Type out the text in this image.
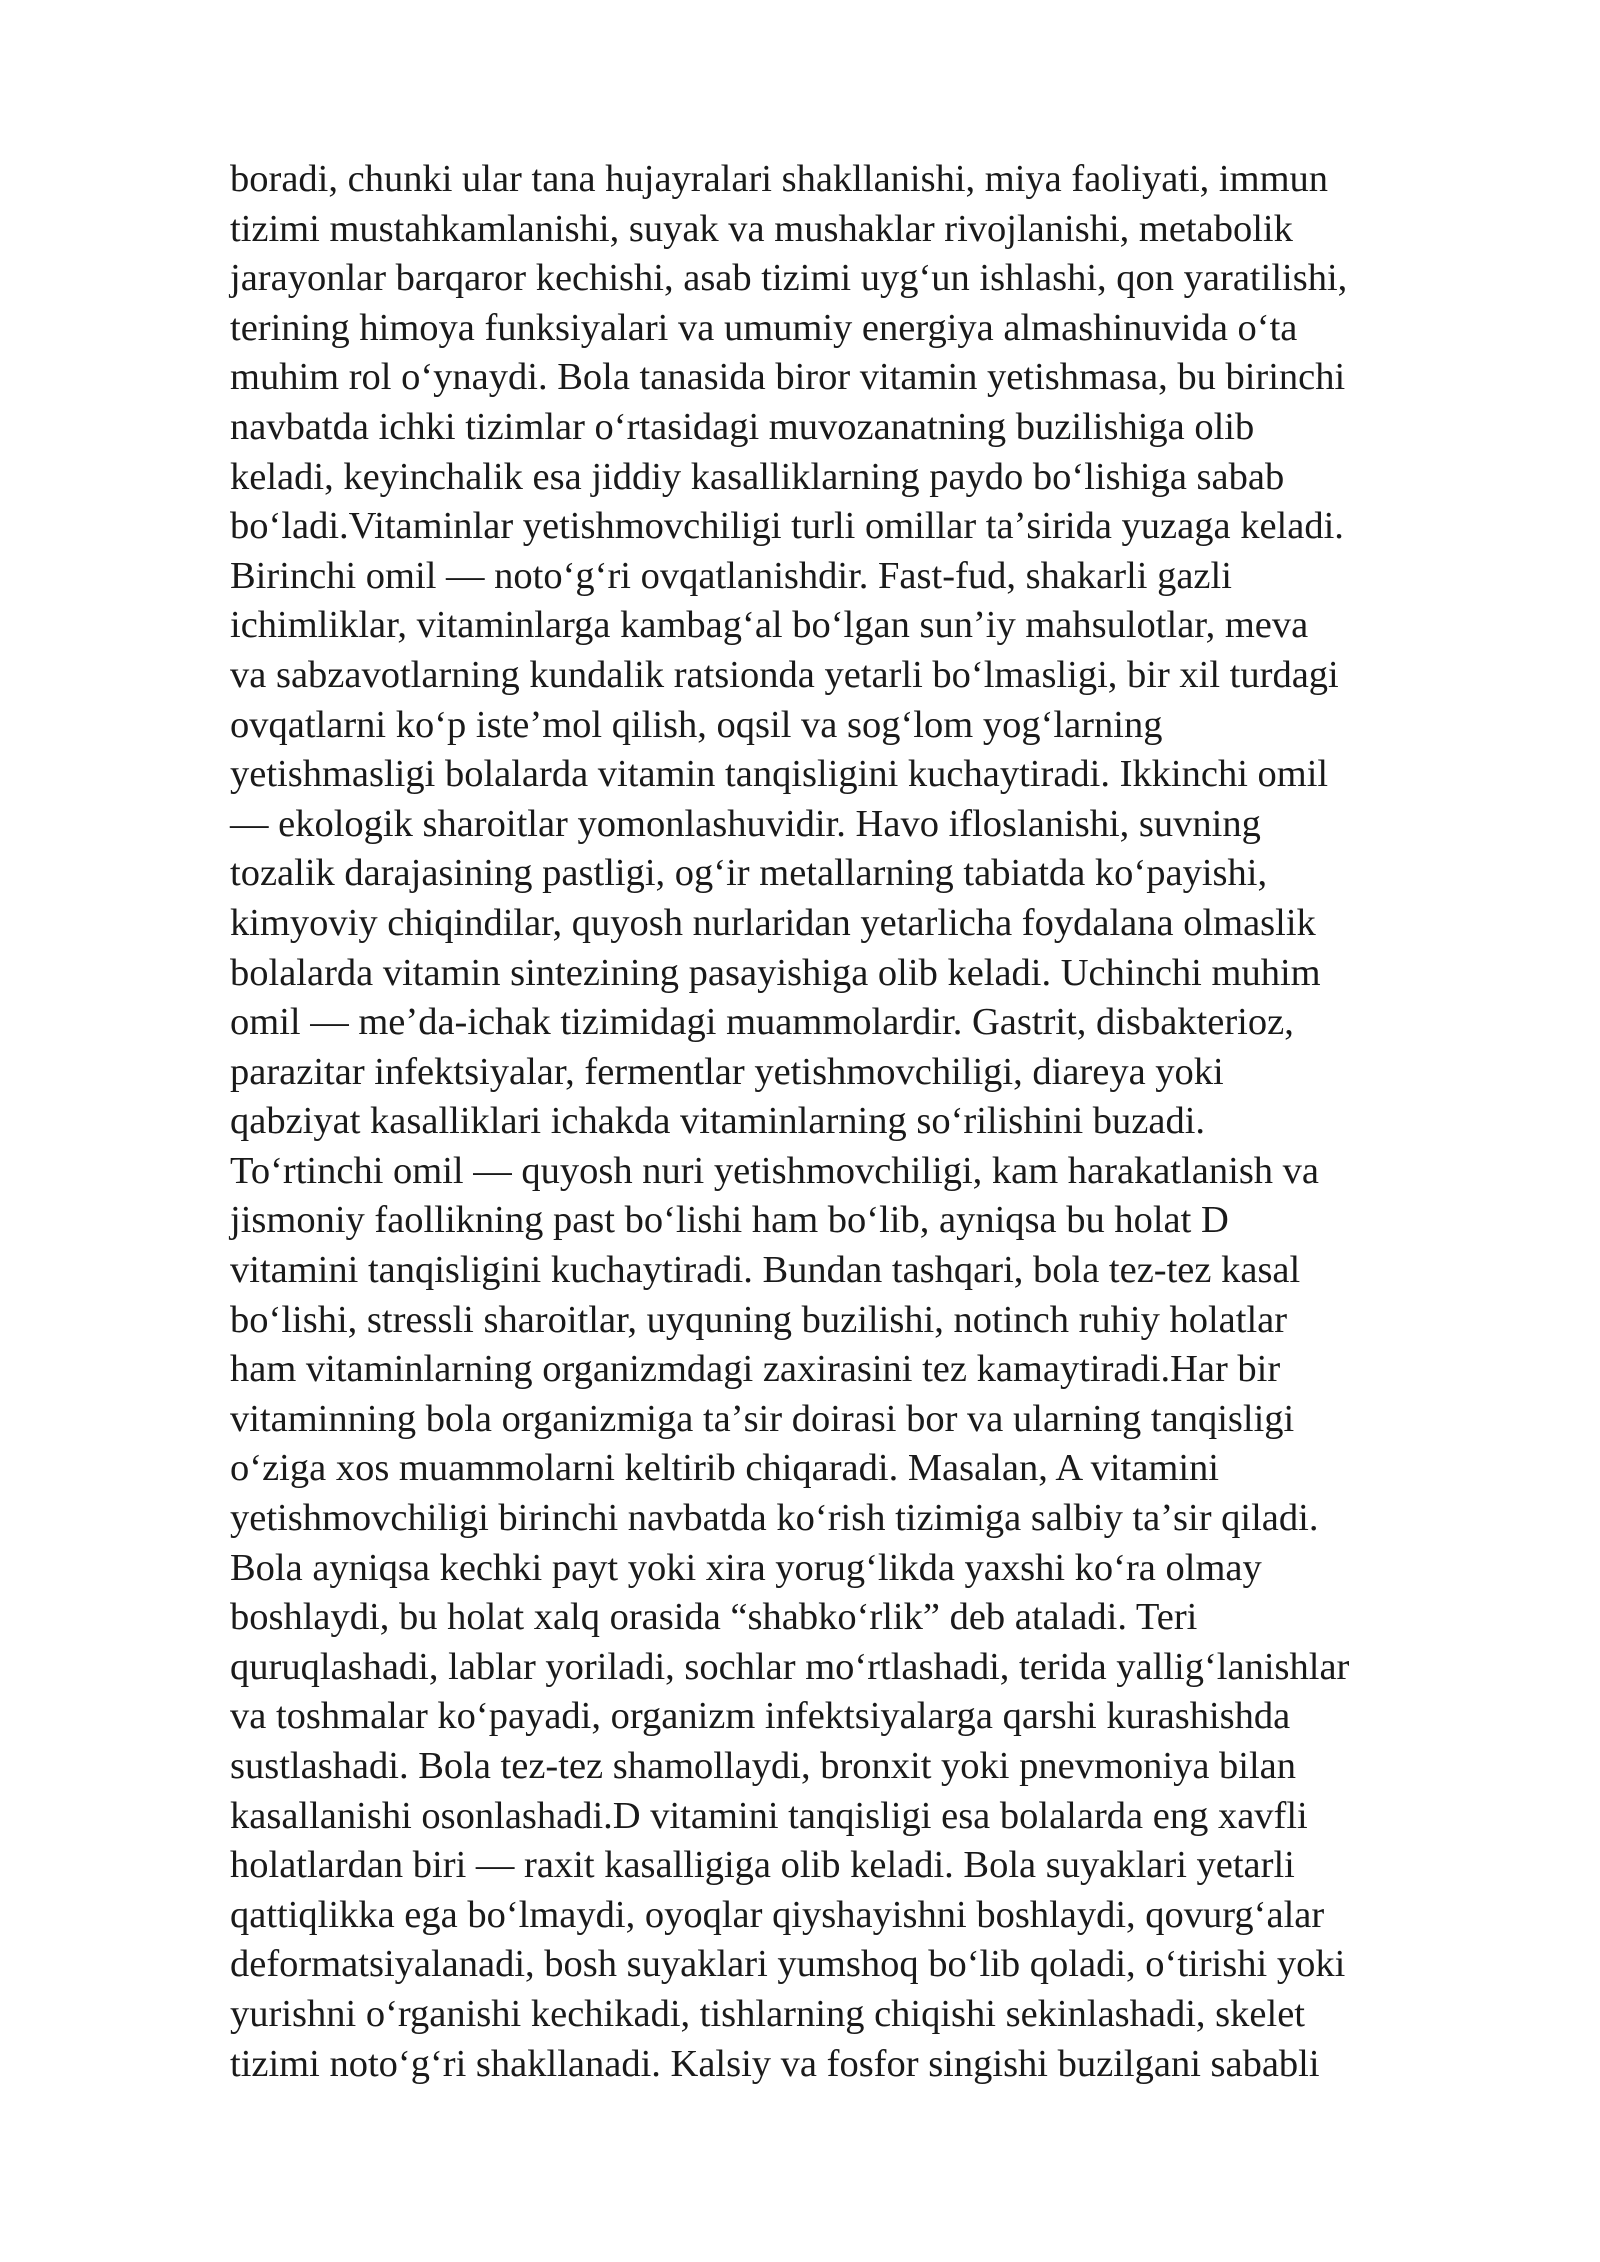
boradi, chunki ular tana hujayralari shakllanishi, miya faoliyati, immun
tizimi mustahkamlanishi, suyak va mushaklar rivojlanishi, metabolik
jarayonlar barqaror kechishi, asab tizimi uygʻun ishlashi, qon yaratilishi,
terining himoya funksiyalari va umumiy energiya almashinuvida oʻta
muhim rol oʻynaydi. Bola tanasida biror vitamin yetishmasa, bu birinchi
navbatda ichki tizimlar oʻrtasidagi muvozanatning buzilishiga olib
keladi, keyinchalik esa jiddiy kasalliklarning paydo boʻlishiga sabab
boʻladi.Vitaminlar yetishmovchiligi turli omillar taʼsirida yuzaga keladi.
Birinchi omil — notoʻgʻri ovqatlanishdir. Fast-fud, shakarli gazli
ichimliklar, vitaminlarga kambagʻal boʻlgan sunʼiy mahsulotlar, meva
va sabzavotlarning kundalik ratsionda yetarli boʻlmasligi, bir xil turdagi
ovqatlarni koʻp isteʼmol qilish, oqsil va sogʻlom yogʻlarning
yetishmasligi bolalarda vitamin tanqisligini kuchaytiradi. Ikkinchi omil
— ekologik sharoitlar yomonlashuvidir. Havo ifloslanishi, suvning
tozalik darajasining pastligi, ogʻir metallarning tabiatda koʻpayishi,
kimyoviy chiqindilar, quyosh nurlaridan yetarlicha foydalana olmaslik
bolalarda vitamin sintezining pasayishiga olib keladi. Uchinchi muhim
omil — meʼda-ichak tizimidagi muammolardir. Gastrit, disbakterioz,
parazitar infektsiyalar, fermentlar yetishmovchiligi, diareya yoki
qabziyat kasalliklari ichakda vitaminlarning soʻrilishini buzadi.
Toʻrtinchi omil — quyosh nuri yetishmovchiligi, kam harakatlanish va
jismoniy faollikning past boʻlishi ham boʻlib, ayniqsa bu holat D
vitamini tanqisligini kuchaytiradi. Bundan tashqari, bola tez-tez kasal
boʻlishi, stressli sharoitlar, uyquning buzilishi, notinch ruhiy holatlar
ham vitaminlarning organizmdagi zaxirasini tez kamaytiradi.Har bir
vitaminning bola organizmiga taʼsir doirasi bor va ularning tanqisligi
oʻziga xos muammolarni keltirib chiqaradi. Masalan, A vitamini
yetishmovchiligi birinchi navbatda koʻrish tizimiga salbiy taʼsir qiladi.
Bola ayniqsa kechki payt yoki xira yorugʻlikda yaxshi koʻra olmay
boshlaydi, bu holat xalq orasida “shabkoʻrlik” deb ataladi. Teri
quruqlashadi, lablar yoriladi, sochlar moʻrtlashadi, terida yalligʻlanishlar
va toshmalar koʻpayadi, organizm infektsiyalarga qarshi kurashishda
sustlashadi. Bola tez-tez shamollaydi, bronxit yoki pnevmoniya bilan
kasallanishi osonlashadi.D vitamini tanqisligi esa bolalarda eng xavfli
holatlardan biri — raxit kasalligiga olib keladi. Bola suyaklari yetarli
qattiqlikka ega boʻlmaydi, oyoqlar qiyshayishni boshlaydi, qovurgʻalar
deformatsiyalanadi, bosh suyaklari yumshoq boʻlib qoladi, oʻtirishi yoki
yurishni oʻrganishi kechikadi, tishlarning chiqishi sekinlashadi, skelet
tizimi notoʻgʻri shakllanadi. Kalsiy va fosfor singishi buzilgani sababli
